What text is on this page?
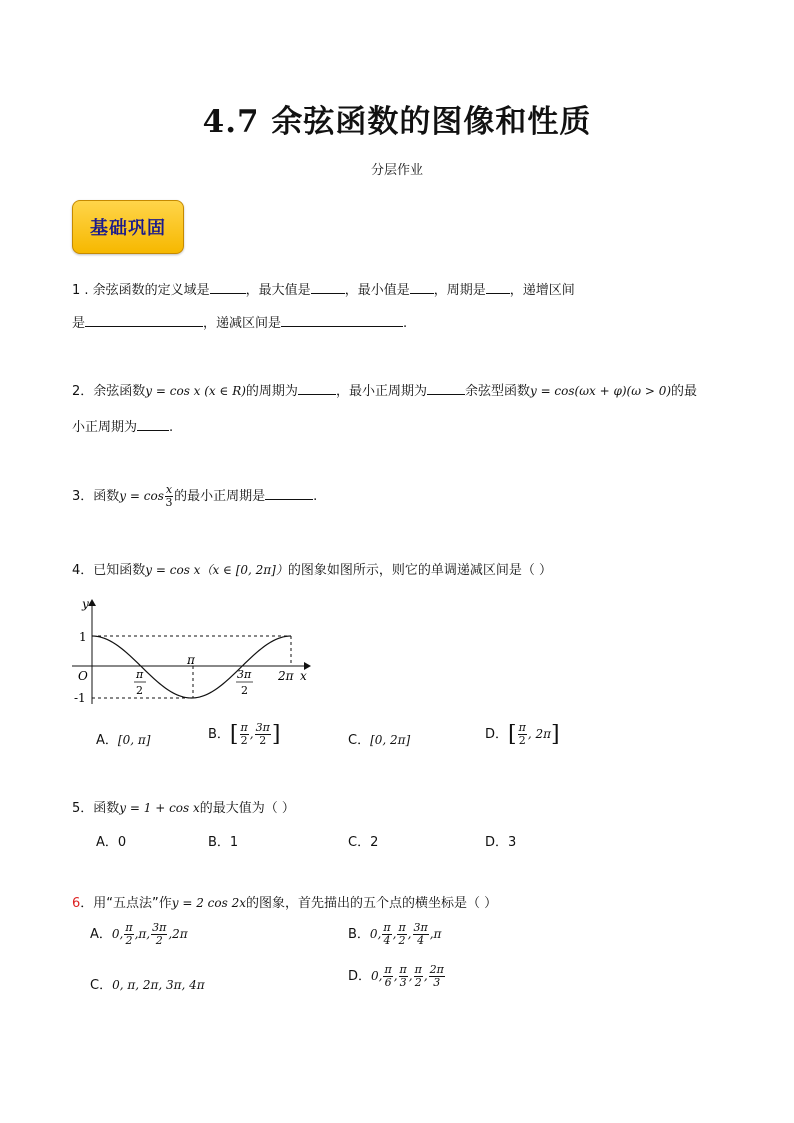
4.7 余弦函数的图像和性质
分层作业
基础巩固
1 . 余弦函数的定义域是	，最大值是	，最小值是 ，周期是 ，递增区间
是	，递减区间是	.
2．余弦函数y = cos x (x ∈ R)的周期为	，最小正周期为	余弦型函数y = cos(ωx + φ)(ω > 0)的最
小正周期为 .
3．函数$y = \cos \frac{x}{3}$ 的最小正周期是	.
4．已知函数y = cos x（x ∈ [0, 2π]）的图象如图所示，则它的单调递减区间是（ ）
y
x
O
1
-1
π
π
2
3π
2
2π
A．[0, π]	B．[ $\frac{\pi}{2}$ , $\frac{3\pi}{2}$ ]	C．[0, 2π]	D．[ $\frac{\pi}{2}$ , 2π]
5．函数y = 1 + cos x的最大值为（ ）
A．0	B．1	C．2	D．3
6．用“五点法”作y = 2 cos 2x的图象，首先描出的五个点的横坐标是（ ）
A．0, $\frac{\pi}{2} ,\pi$, $\frac{3\pi}{2} ,2\pi$	B．0, $\frac{\pi}{4}$ , $\frac{\pi}{2}$ , $\frac{3\pi}{4} ,\pi$
C．0, π, 2π, 3π, 4π
D．0, $\frac{\pi}{6}$ , $\frac{\pi}{3}$ , $\frac{\pi}{2}$ , $\frac{2\pi}{3}$
